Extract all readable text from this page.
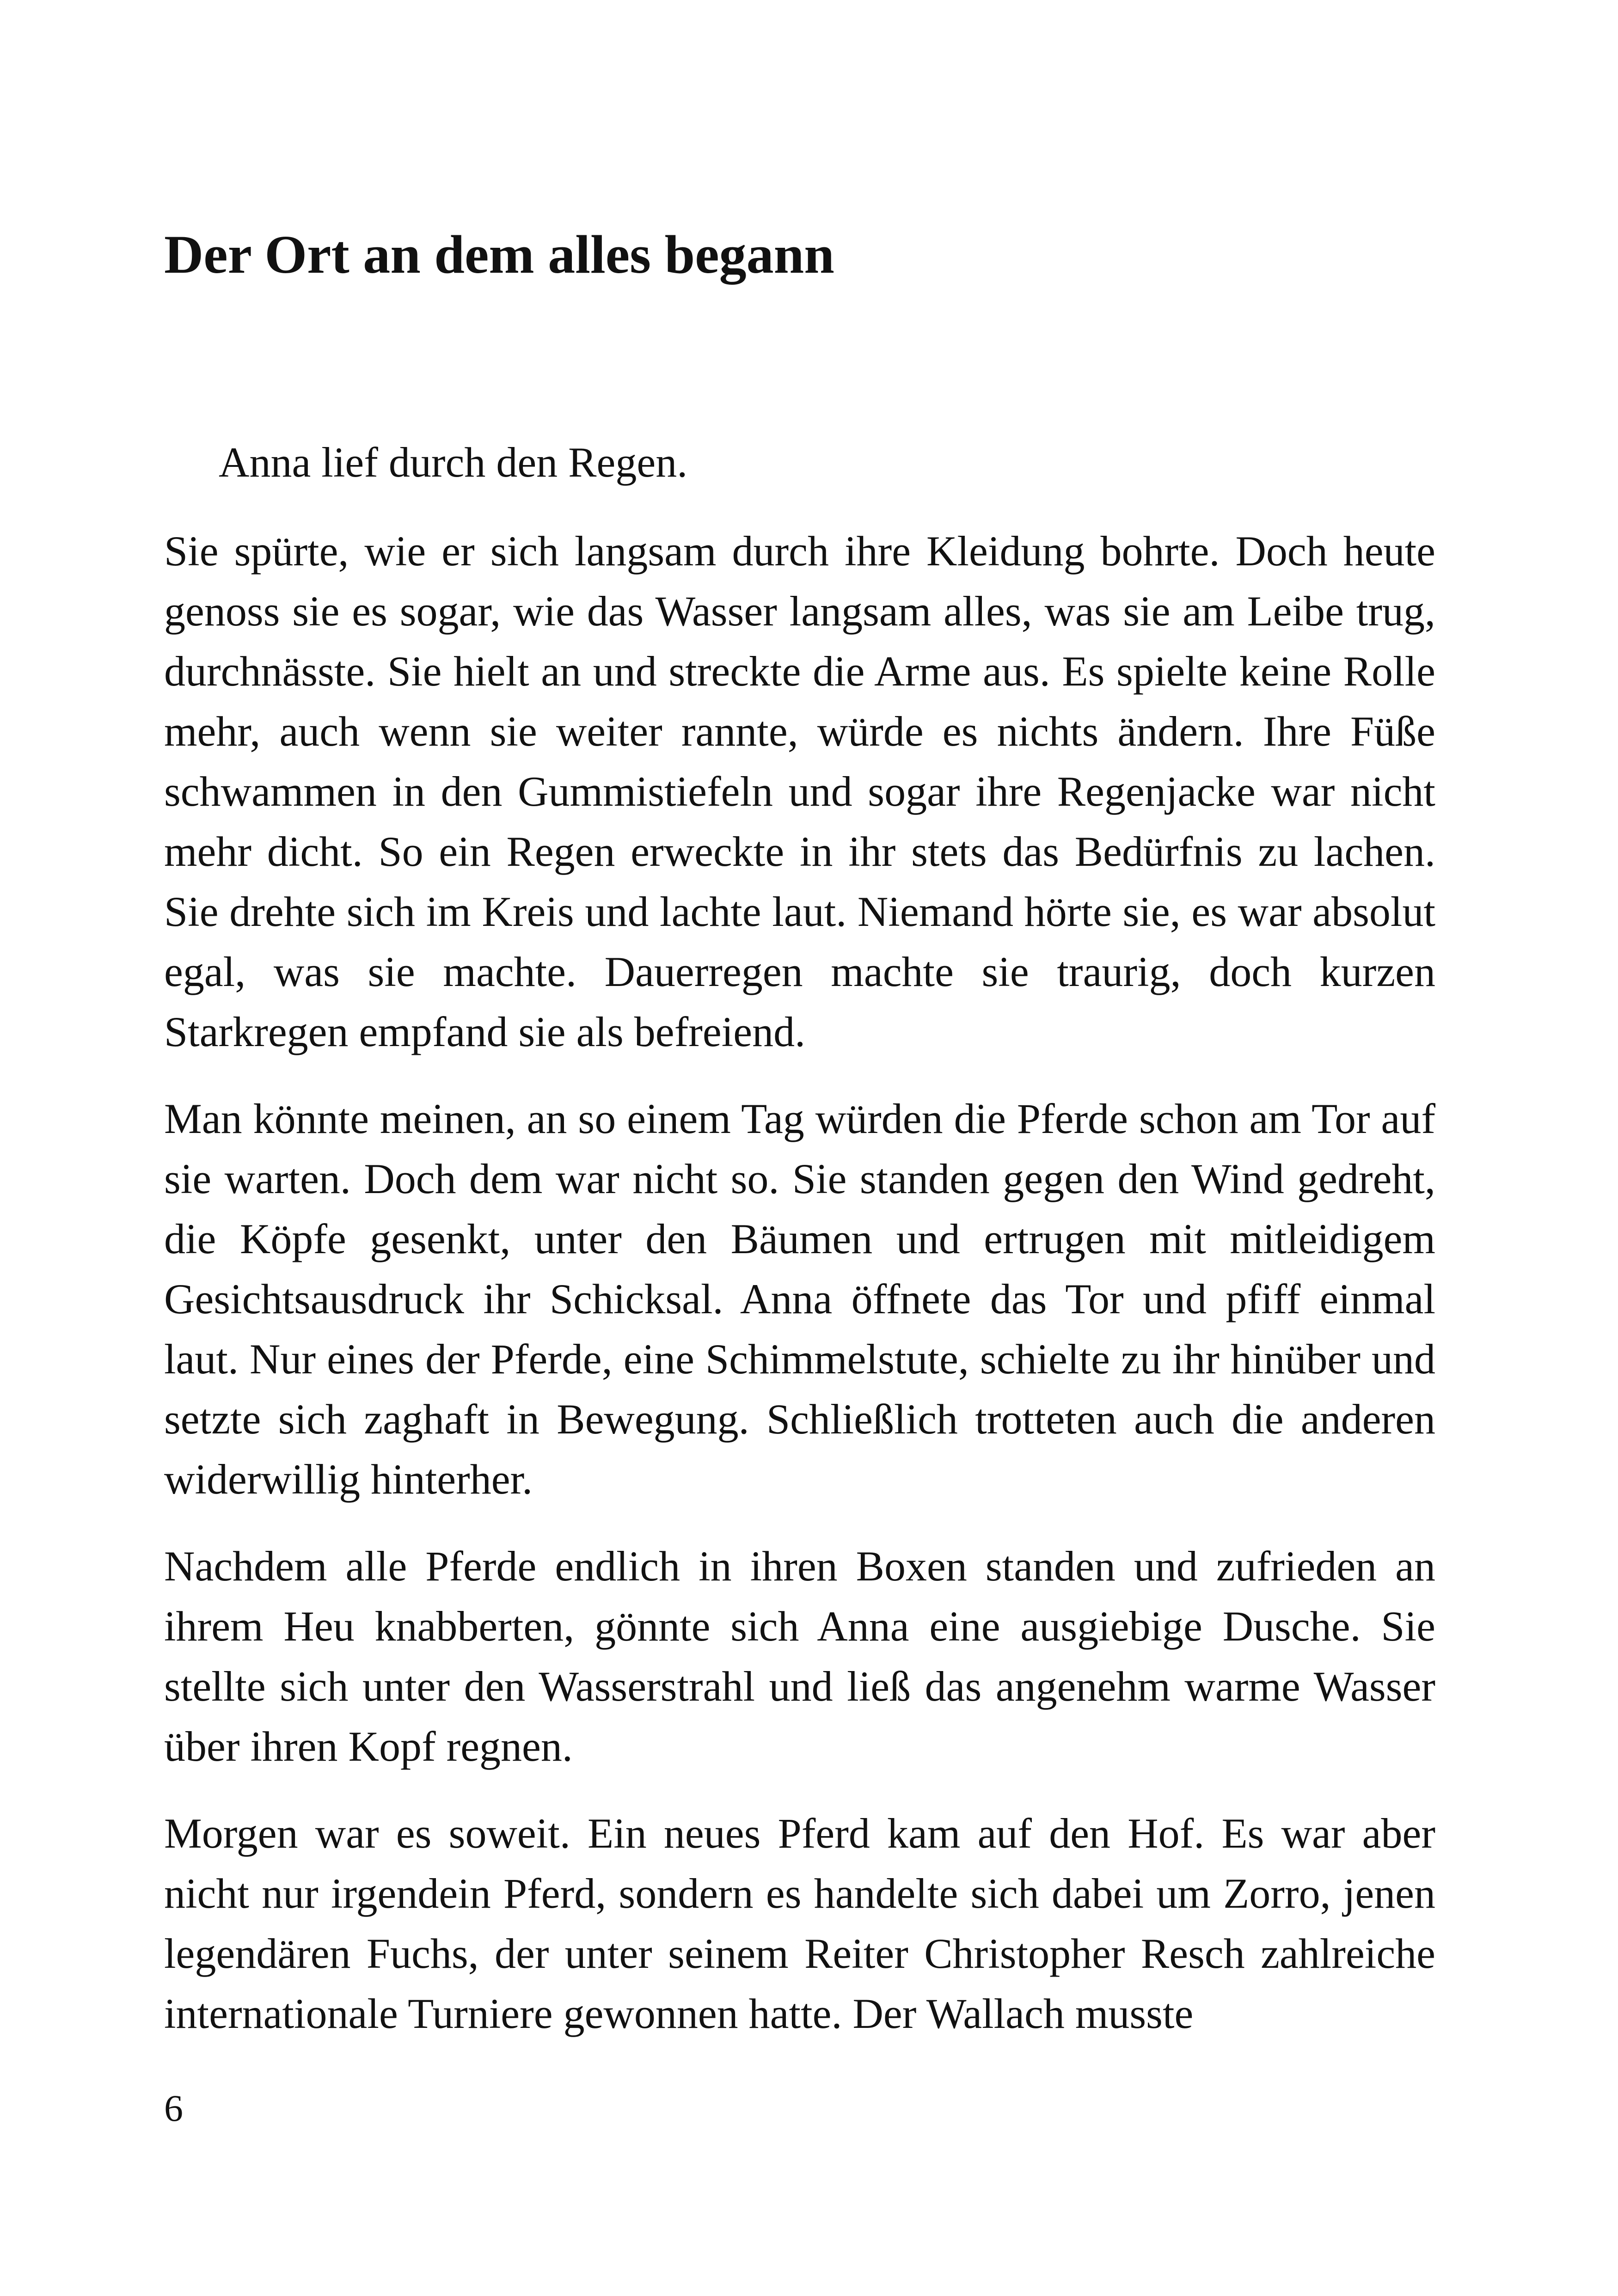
Der Ort an dem alles begann

Anna lief durch den Regen.

Sie spürte, wie er sich langsam durch ihre Kleidung bohrte. Doch heute genoss sie es sogar, wie das Wasser langsam alles, was sie am Leibe trug, durchnässte. Sie hielt an und streckte die Arme aus. Es spielte keine Rolle mehr, auch wenn sie weiter rannte, würde es nichts ändern. Ihre Füße schwammen in den Gummistiefeln und sogar ihre Regenjacke war nicht mehr dicht. So ein Regen erweckte in ihr stets das Bedürfnis zu lachen. Sie drehte sich im Kreis und lachte laut. Niemand hörte sie, es war absolut egal, was sie machte. Dauerregen machte sie traurig, doch kurzen Starkregen empfand sie als befreiend.

Man könnte meinen, an so einem Tag würden die Pferde schon am Tor auf sie warten. Doch dem war nicht so. Sie standen gegen den Wind gedreht, die Köpfe gesenkt, unter den Bäumen und ertrugen mit mitleidigem Gesichtsausdruck ihr Schicksal. Anna öffnete das Tor und pfiff einmal laut. Nur eines der Pferde, eine Schimmelstute, schielte zu ihr hinüber und setzte sich zaghaft in Bewegung. Schließlich trotteten auch die anderen widerwillig hinterher.

Nachdem alle Pferde endlich in ihren Boxen standen und zufrieden an ihrem Heu knabberten, gönnte sich Anna eine ausgiebige Dusche. Sie stellte sich unter den Wasserstrahl und ließ das angenehm warme Wasser über ihren Kopf regnen.

Morgen war es soweit. Ein neues Pferd kam auf den Hof. Es war aber nicht nur irgendein Pferd, sondern es handelte sich dabei um Zorro, jenen legendären Fuchs, der unter seinem Reiter Christopher Resch zahlreiche internationale Turniere gewonnen hatte. Der Wallach musste

6
